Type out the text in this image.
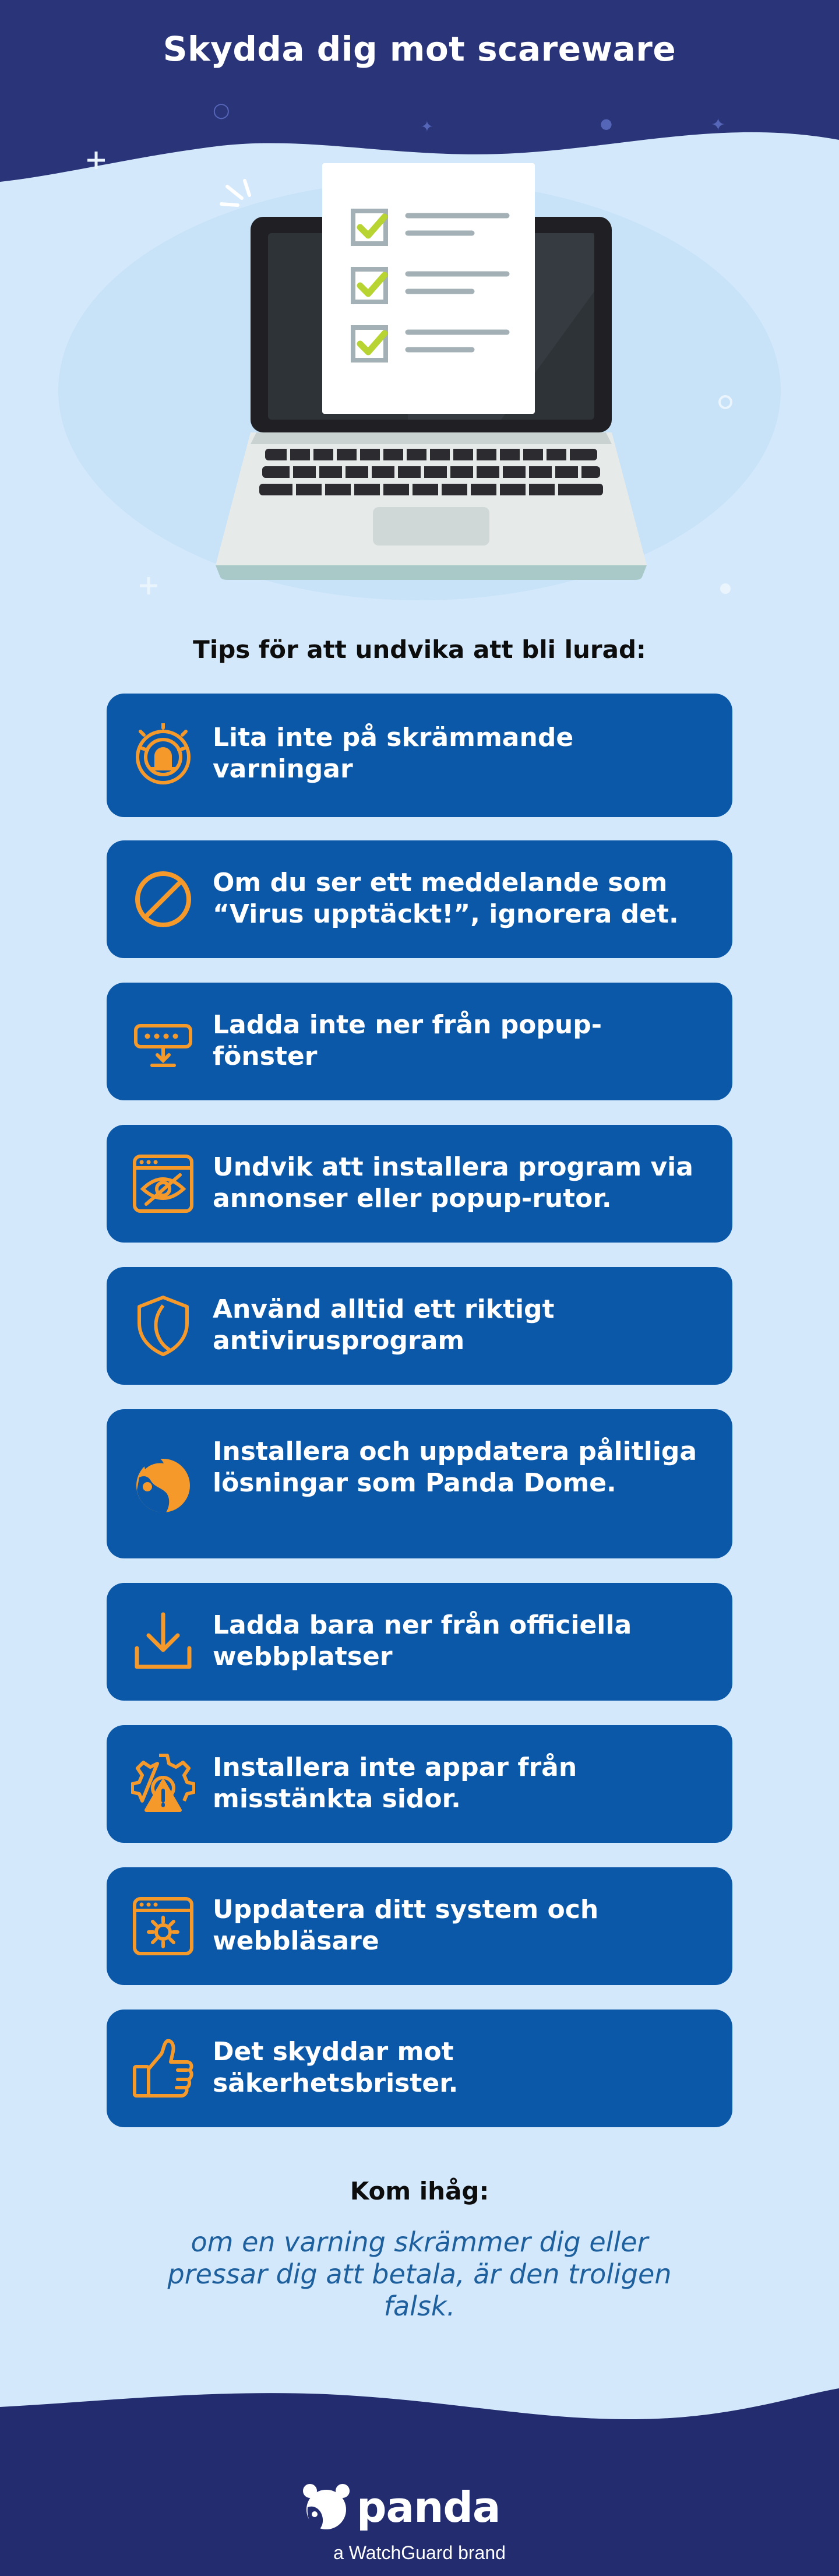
○
✦	●	✦
Skydda dig mot scareware
Tips för att undvika att bli lurad:
Lita inte på skrämmande varningar
Om du ser ett meddelande som “Virus upptäckt!”, ignorera det.
Ladda inte ner från popup-fönster
Undvik att installera program via annonser eller popup-rutor.
Använd alltid ett riktigt antivirusprogram
Installera och uppdatera pålitliga lösningar som Panda Dome.
Ladda bara ner från officiella webbplatser
Installera inte appar från misstänkta sidor.
Uppdatera ditt system och webbläsare
Det skyddar mot säkerhetsbrister.
Kom ihåg:
om en varning skrämmer dig eller pressar dig att betala, är den troligen falsk.
panda
a WatchGuard brand
